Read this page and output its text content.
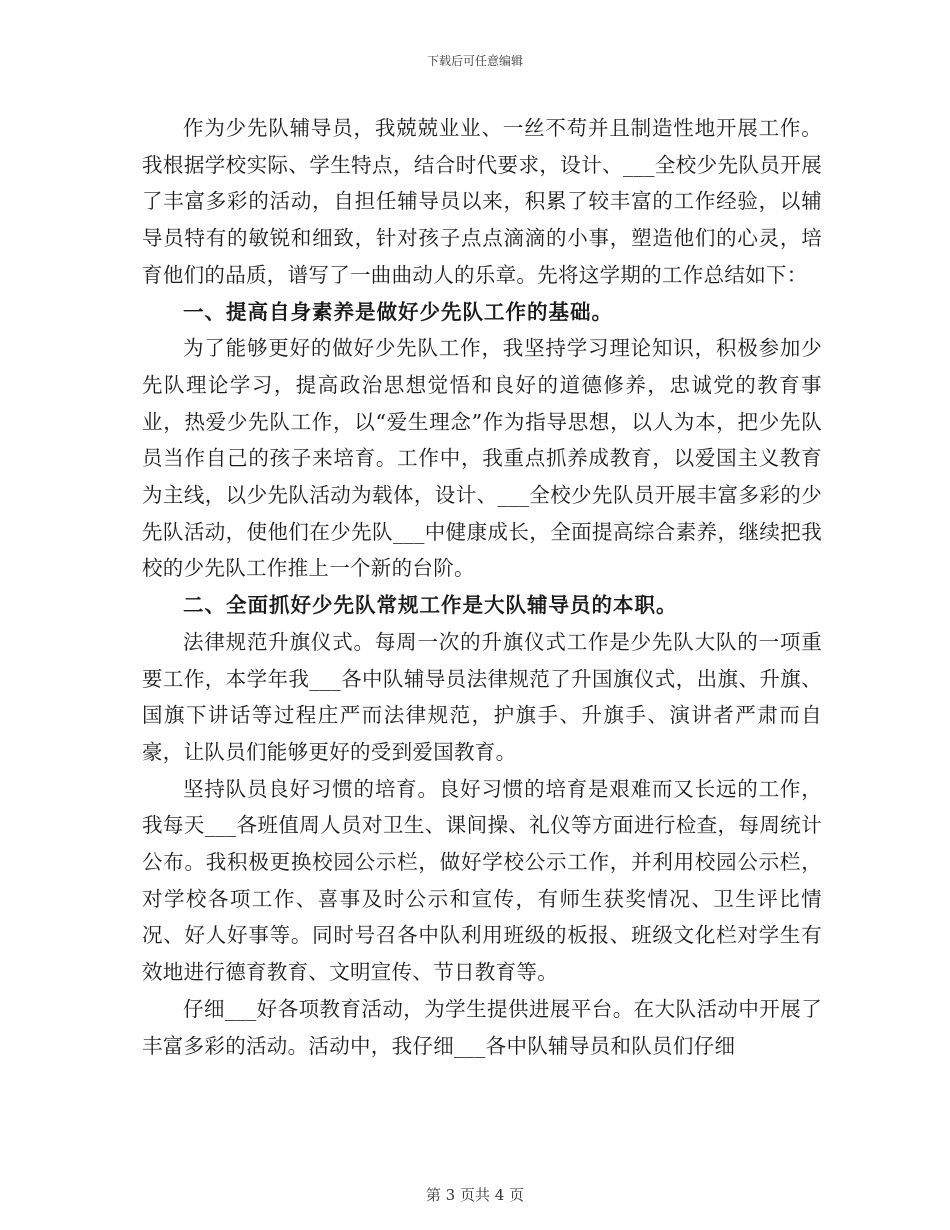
下载后可任意编辑

作为少先队辅导员，我兢兢业业、一丝不苟并且制造性地开展工作。我根据学校实际、学生特点，结合时代要求，设计、___全校少先队员开展了丰富多彩的活动，自担任辅导员以来，积累了较丰富的工作经验，以辅导员特有的敏锐和细致，针对孩子点点滴滴的小事，塑造他们的心灵，培育他们的品质，谱写了一曲曲动人的乐章。先将这学期的工作总结如下：

一、提高自身素养是做好少先队工作的基础。

为了能够更好的做好少先队工作，我坚持学习理论知识，积极参加少先队理论学习，提高政治思想觉悟和良好的道德修养，忠诚党的教育事业，热爱少先队工作，以“爱生理念”作为指导思想，以人为本，把少先队员当作自己的孩子来培育。工作中，我重点抓养成教育，以爱国主义教育为主线，以少先队活动为载体，设计、___全校少先队员开展丰富多彩的少先队活动，使他们在少先队___中健康成长，全面提高综合素养，继续把我校的少先队工作推上一个新的台阶。

二、全面抓好少先队常规工作是大队辅导员的本职。

法律规范升旗仪式。每周一次的升旗仪式工作是少先队大队的一项重要工作，本学年我___各中队辅导员法律规范了升国旗仪式，出旗、升旗、国旗下讲话等过程庄严而法律规范，护旗手、升旗手、演讲者严肃而自豪，让队员们能够更好的受到爱国教育。

坚持队员良好习惯的培育。良好习惯的培育是艰难而又长远的工作，我每天___各班值周人员对卫生、课间操、礼仪等方面进行检查，每周统计公布。我积极更换校园公示栏，做好学校公示工作，并利用校园公示栏，对学校各项工作、喜事及时公示和宣传，有师生获奖情况、卫生评比情况、好人好事等。同时号召各中队利用班级的板报、班级文化栏对学生有效地进行德育教育、文明宣传、节日教育等。

仔细___好各项教育活动，为学生提供进展平台。在大队活动中开展了丰富多彩的活动。活动中，我仔细___各中队辅导员和队员们仔细

第 3 页共 4 页
